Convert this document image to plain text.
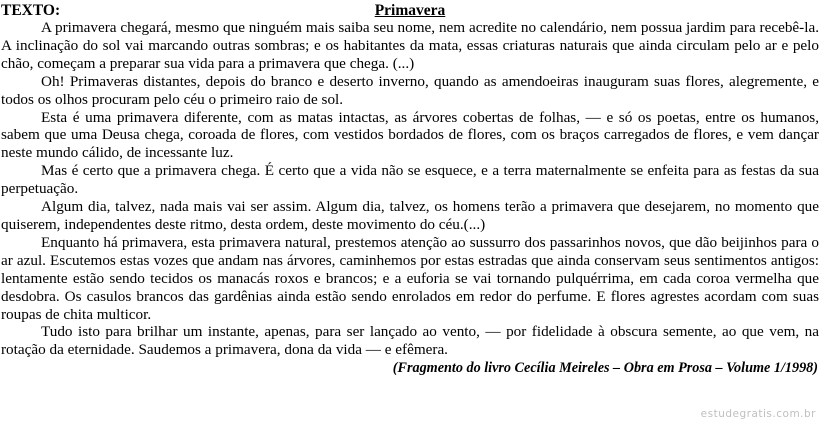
TEXTO:	Primavera

A primavera chegará, mesmo que ninguém mais saiba seu nome, nem acredite no calendário, nem possua jardim para recebê-la. A inclinação do sol vai marcando outras sombras; e os habitantes da mata, essas criaturas naturais que ainda circulam pelo ar e pelo chão, começam a preparar sua vida para a primavera que chega. (...)

Oh! Primaveras distantes, depois do branco e deserto inverno, quando as amendoeiras inauguram suas flores, alegremente, e todos os olhos procuram pelo céu o primeiro raio de sol.

Esta é uma primavera diferente, com as matas intactas, as árvores cobertas de folhas, — e só os poetas, entre os humanos, sabem que uma Deusa chega, coroada de flores, com vestidos bordados de flores, com os braços carregados de flores, e vem dançar neste mundo cálido, de incessante luz.

Mas é certo que a primavera chega. É certo que a vida não se esquece, e a terra maternalmente se enfeita para as festas da sua perpetuação.

Algum dia, talvez, nada mais vai ser assim. Algum dia, talvez, os homens terão a primavera que desejarem, no momento que quiserem, independentes deste ritmo, desta ordem, deste movimento do céu.(...)

Enquanto há primavera, esta primavera natural, prestemos atenção ao sussurro dos passarinhos novos, que dão beijinhos para o ar azul. Escutemos estas vozes que andam nas árvores, caminhemos por estas estradas que ainda conservam seus sentimentos antigos: lentamente estão sendo tecidos os manacás roxos e brancos; e a euforia se vai tornando pulquérrima, em cada coroa vermelha que desdobra. Os casulos brancos das gardênias ainda estão sendo enrolados em redor do perfume. E flores agrestes acordam com suas roupas de chita multicor.

Tudo isto para brilhar um instante, apenas, para ser lançado ao vento, — por fidelidade à obscura semente, ao que vem, na rotação da eternidade. Saudemos a primavera, dona da vida — e efêmera.

(Fragmento do livro Cecília Meireles – Obra em Prosa – Volume 1/1998)

estudegratis.com.br
